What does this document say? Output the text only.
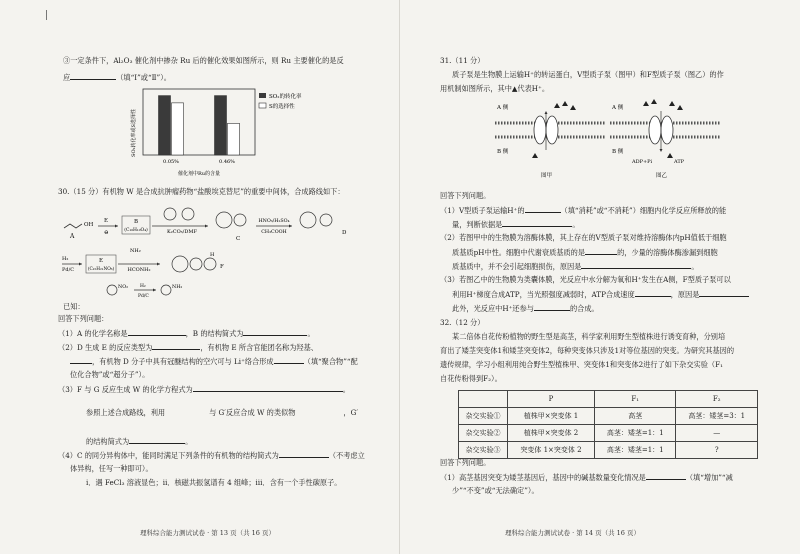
③一定条件下，Al₂O₃ 催化剂中掺杂 Ru 后的催化效果如图所示，则 Ru 主要催化的是反
应	（填“Ⅰ”或“Ⅱ”）。
SO₂转化率或S选择性
0.05%	0.46%
催化剂中Ru的含量
SO₂的转化率
S的选择性
30.（15 分）有机物 W 是合成抗肿瘤药物“盐酸埃克替尼”的重要中间体，合成路线如下：
OH
A
E
⊖
B
(C₁₀H₁₀O₄)	K₂CO₃/DMF
C
HNO₃/H₂SO₄
CH₃COOH	D
H₂
Pd/C
E
(C₁₅H₂₁NO₆)	HCONH₂
NH₂
F
H
NO₂	H₂
Pd/C
NH₂
已知：
回答下列问题：
（1）A 的化学名称是	，B 的结构简式为	。
（2）D 生成 E 的反应类型为	，有机物 E 所含官能团名称为羟基、
，有机物 D 分子中具有冠醚结构的空穴可与 Li⁺络合形成	（填“聚合物”“配
位化合物”或“超分子”）。
（3）F 与 G 反应生成 W 的化学方程式为	。
参照上述合成路线，利用	与 G′反应合成 W 的类似物	，G′
的结构简式为	。
（4）C 的同分异构体中，能同时满足下列条件的有机物的结构简式为	（不考虑立
体异构，任写一种即可）。
ⅰ．遇 FeCl₃ 溶液显色；ⅱ．核磁共振氢谱有 4 组峰；ⅲ．含有一个手性碳原子。
理科综合能力测试试卷 · 第 13 页（共 16 页）
31.（11 分）
质子泵是生物膜上运输H⁺的转运蛋白，V型质子泵（图甲）和F型质子泵（图乙）的作
用机制如图所示，其中▲代表H⁺。
A 侧
B 侧
图甲
A 侧
B 侧
ADP+Pi	ATP
图乙
回答下列问题。
（1）V型质子泵运输H⁺的	（填“消耗”或“不消耗”）细胞内化学反应所释放的能
量，判断依据是	。
（2）若图甲中的生物膜为溶酶体膜，其上存在的V型质子泵对维持溶酶体内pH值低于细胞
质基质pH中性。细胞中代谢衰质基质的是	的，少量的溶酶体酶渗漏到细胞
质基质中，并不会引起细胞损伤，原因是	。
（3）若图乙中的生物膜为类囊体膜，光反应中水分解为氧和H⁺发生在A侧，F型质子泵可以
利用H⁺梯度合成ATP，当光照强度减弱时，ATP合成速度	，原因是
此外，光反应中H⁺还参与	的合成。
32.（12 分）
某二倍体自花传粉植物的野生型是高茎，科学家利用野生型植株进行诱变育种，分别培
育出了矮茎突变体1和矮茎突变体2，每种突变体只涉及1对等位基因的突变。为研究其基因的
遗传规律，学习小组利用纯合野生型植株甲、突变体1和突变体2进行了如下杂交实验（F₁
自花传粉得到F₂）。
	P	F₁	F₂
杂交实验①	植株甲×突变体 1	高茎	高茎：矮茎=3：1
杂交实验②	植株甲×突变体 2	高茎：矮茎=1：1	—
杂交实验③	突变体 1×突变体 2	高茎：矮茎=1：1	?
回答下列问题。
（1）高茎基因突变为矮茎基因后，基因中的碱基数量变化情况是	（填“增加”“减
少”“不变”或“无法确定”）。
理科综合能力测试试卷 · 第 14 页（共 16 页）
